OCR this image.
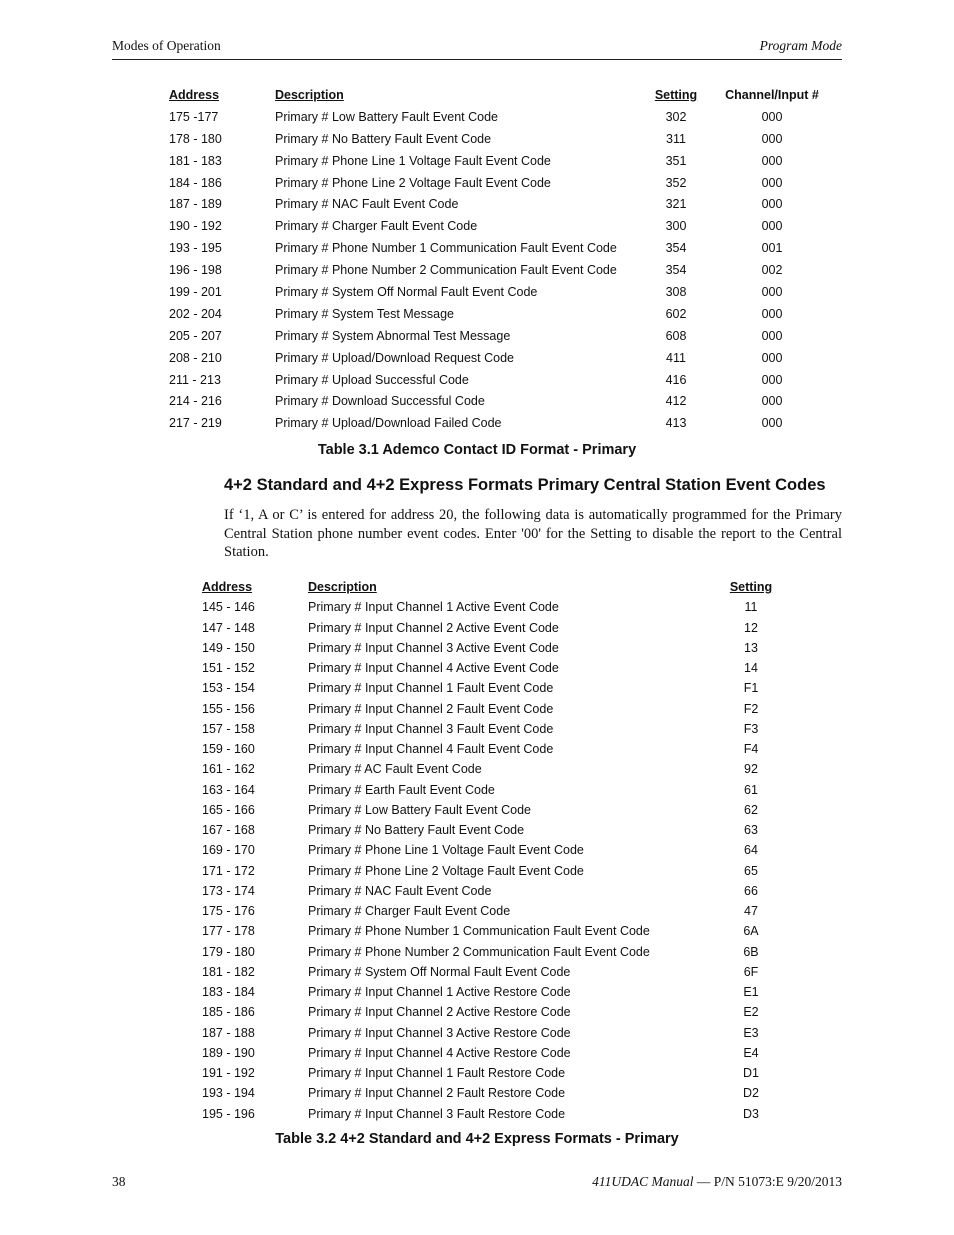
Modes of Operation	Program Mode
Address	Description	Setting	Channel/Input #
175 -177	Primary # Low Battery Fault Event Code	302	000
178 - 180	Primary # No Battery Fault Event Code	311	000
181 - 183	Primary # Phone Line 1 Voltage Fault Event Code	351	000
184 - 186	Primary # Phone Line 2 Voltage Fault Event Code	352	000
187 - 189	Primary # NAC Fault Event Code	321	000
190 - 192	Primary # Charger Fault Event Code	300	000
193 - 195	Primary # Phone Number 1 Communication Fault Event Code	354	001
196 - 198	Primary # Phone Number 2 Communication Fault Event Code	354	002
199 - 201	Primary # System Off Normal Fault Event Code	308	000
202 - 204	Primary # System Test Message	602	000
205 - 207	Primary # System Abnormal Test Message	608	000
208 - 210	Primary # Upload/Download Request Code	411	000
211 - 213	Primary # Upload Successful Code	416	000
214 - 216	Primary # Download Successful Code	412	000
217 - 219	Primary # Upload/Download Failed Code	413	000
Table 3.1 Ademco Contact ID Format - Primary
4+2 Standard and 4+2 Express Formats Primary Central Station Event Codes

If ‘1, A or C’ is entered for address 20, the following data is automatically programmed for the Primary Central Station phone number event codes. Enter '00' for the Setting to disable the report to the Central Station.

Address	Description	Setting
145 - 146	Primary # Input Channel 1 Active Event Code	11
147 - 148	Primary # Input Channel 2 Active Event Code	12
149 - 150	Primary # Input Channel 3 Active Event Code	13
151 - 152	Primary # Input Channel 4 Active Event Code	14
153 - 154	Primary # Input Channel 1 Fault Event Code	F1
155 - 156	Primary # Input Channel 2 Fault Event Code	F2
157 - 158	Primary # Input Channel 3 Fault Event Code	F3
159 - 160	Primary # Input Channel 4 Fault Event Code	F4
161 - 162	Primary # AC Fault Event Code	92
163 - 164	Primary # Earth Fault Event Code	61
165 - 166	Primary # Low Battery Fault Event Code	62
167 - 168	Primary # No Battery Fault Event Code	63
169 - 170	Primary # Phone Line 1 Voltage Fault Event Code	64
171 - 172	Primary # Phone Line 2 Voltage Fault Event Code	65
173 - 174	Primary # NAC Fault Event Code	66
175 - 176	Primary # Charger Fault Event Code	47
177 - 178	Primary # Phone Number 1 Communication Fault Event Code	6A
179 - 180	Primary # Phone Number 2 Communication Fault Event Code	6B
181 - 182	Primary # System Off Normal Fault Event Code	6F
183 - 184	Primary # Input Channel 1 Active Restore Code	E1
185 - 186	Primary # Input Channel 2 Active Restore Code	E2
187 - 188	Primary # Input Channel 3 Active Restore Code	E3
189 - 190	Primary # Input Channel 4 Active Restore Code	E4
191 - 192	Primary # Input Channel 1 Fault Restore Code	D1
193 - 194	Primary # Input Channel 2 Fault Restore Code	D2
195 - 196	Primary # Input Channel 3 Fault Restore Code	D3
Table 3.2 4+2 Standard and 4+2 Express Formats - Primary
38	411UDAC Manual — P/N 51073:E 9/20/2013
